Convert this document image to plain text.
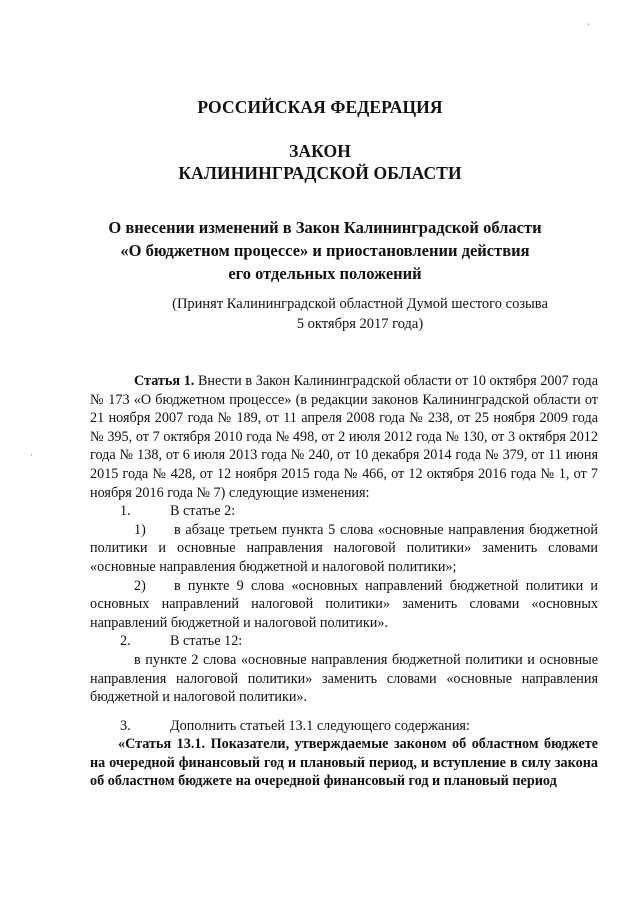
'
·
РОССИЙСКАЯ ФЕДЕРАЦИЯ
ЗАКОН
КАЛИНИНГРАДСКОЙ ОБЛАСТИ
О внесении изменений в Закон Калининградской области
«О бюджетном процессе» и приостановлении действия
его отдельных положений
(Принят Калининградской областной Думой шестого созыва
5 октября 2017 года)

Статья 1. Внести в Закон Калининградской области от 10 октября 2007 года № 173 «О бюджетном процессе» (в редакции законов Калининградской области от 21 ноября 2007 года № 189, от 11 апреля 2008 года № 238, от 25 ноября 2009 года № 395, от 7 октября 2010 года № 498, от 2 июля 2012 года № 130, от 3 октября 2012 года № 138, от 6 июля 2013 года № 240, от 10 декабря 2014 года № 379, от 11 июня 2015 года № 428, от 12 ноября 2015 года № 466, от 12 октября 2016 года № 1, от 7 ноября 2016 года № 7) следующие изменения:

1.	В статье 2:

1) в абзаце третьем пункта 5 слова «основные направления бюджетной политики и основные направления налоговой политики» заменить словами «основные направления бюджетной и налоговой политики»;

2) в пункте 9 слова «основных направлений бюджетной политики и основных направлений налоговой политики» заменить словами «основных направлений бюджетной и налоговой политики».

2.	В статье 12:

в пункте 2 слова «основные направления бюджетной политики и основные направления налоговой политики» заменить словами «основные направления бюджетной и налоговой политики».

3.	Дополнить статьей 13.1 следующего содержания:

«Статья 13.1. Показатели, утверждаемые законом об областном бюджете на очередной финансовый год и плановый период, и вступление в силу закона об областном бюджете на очередной финансовый год и плановый период
